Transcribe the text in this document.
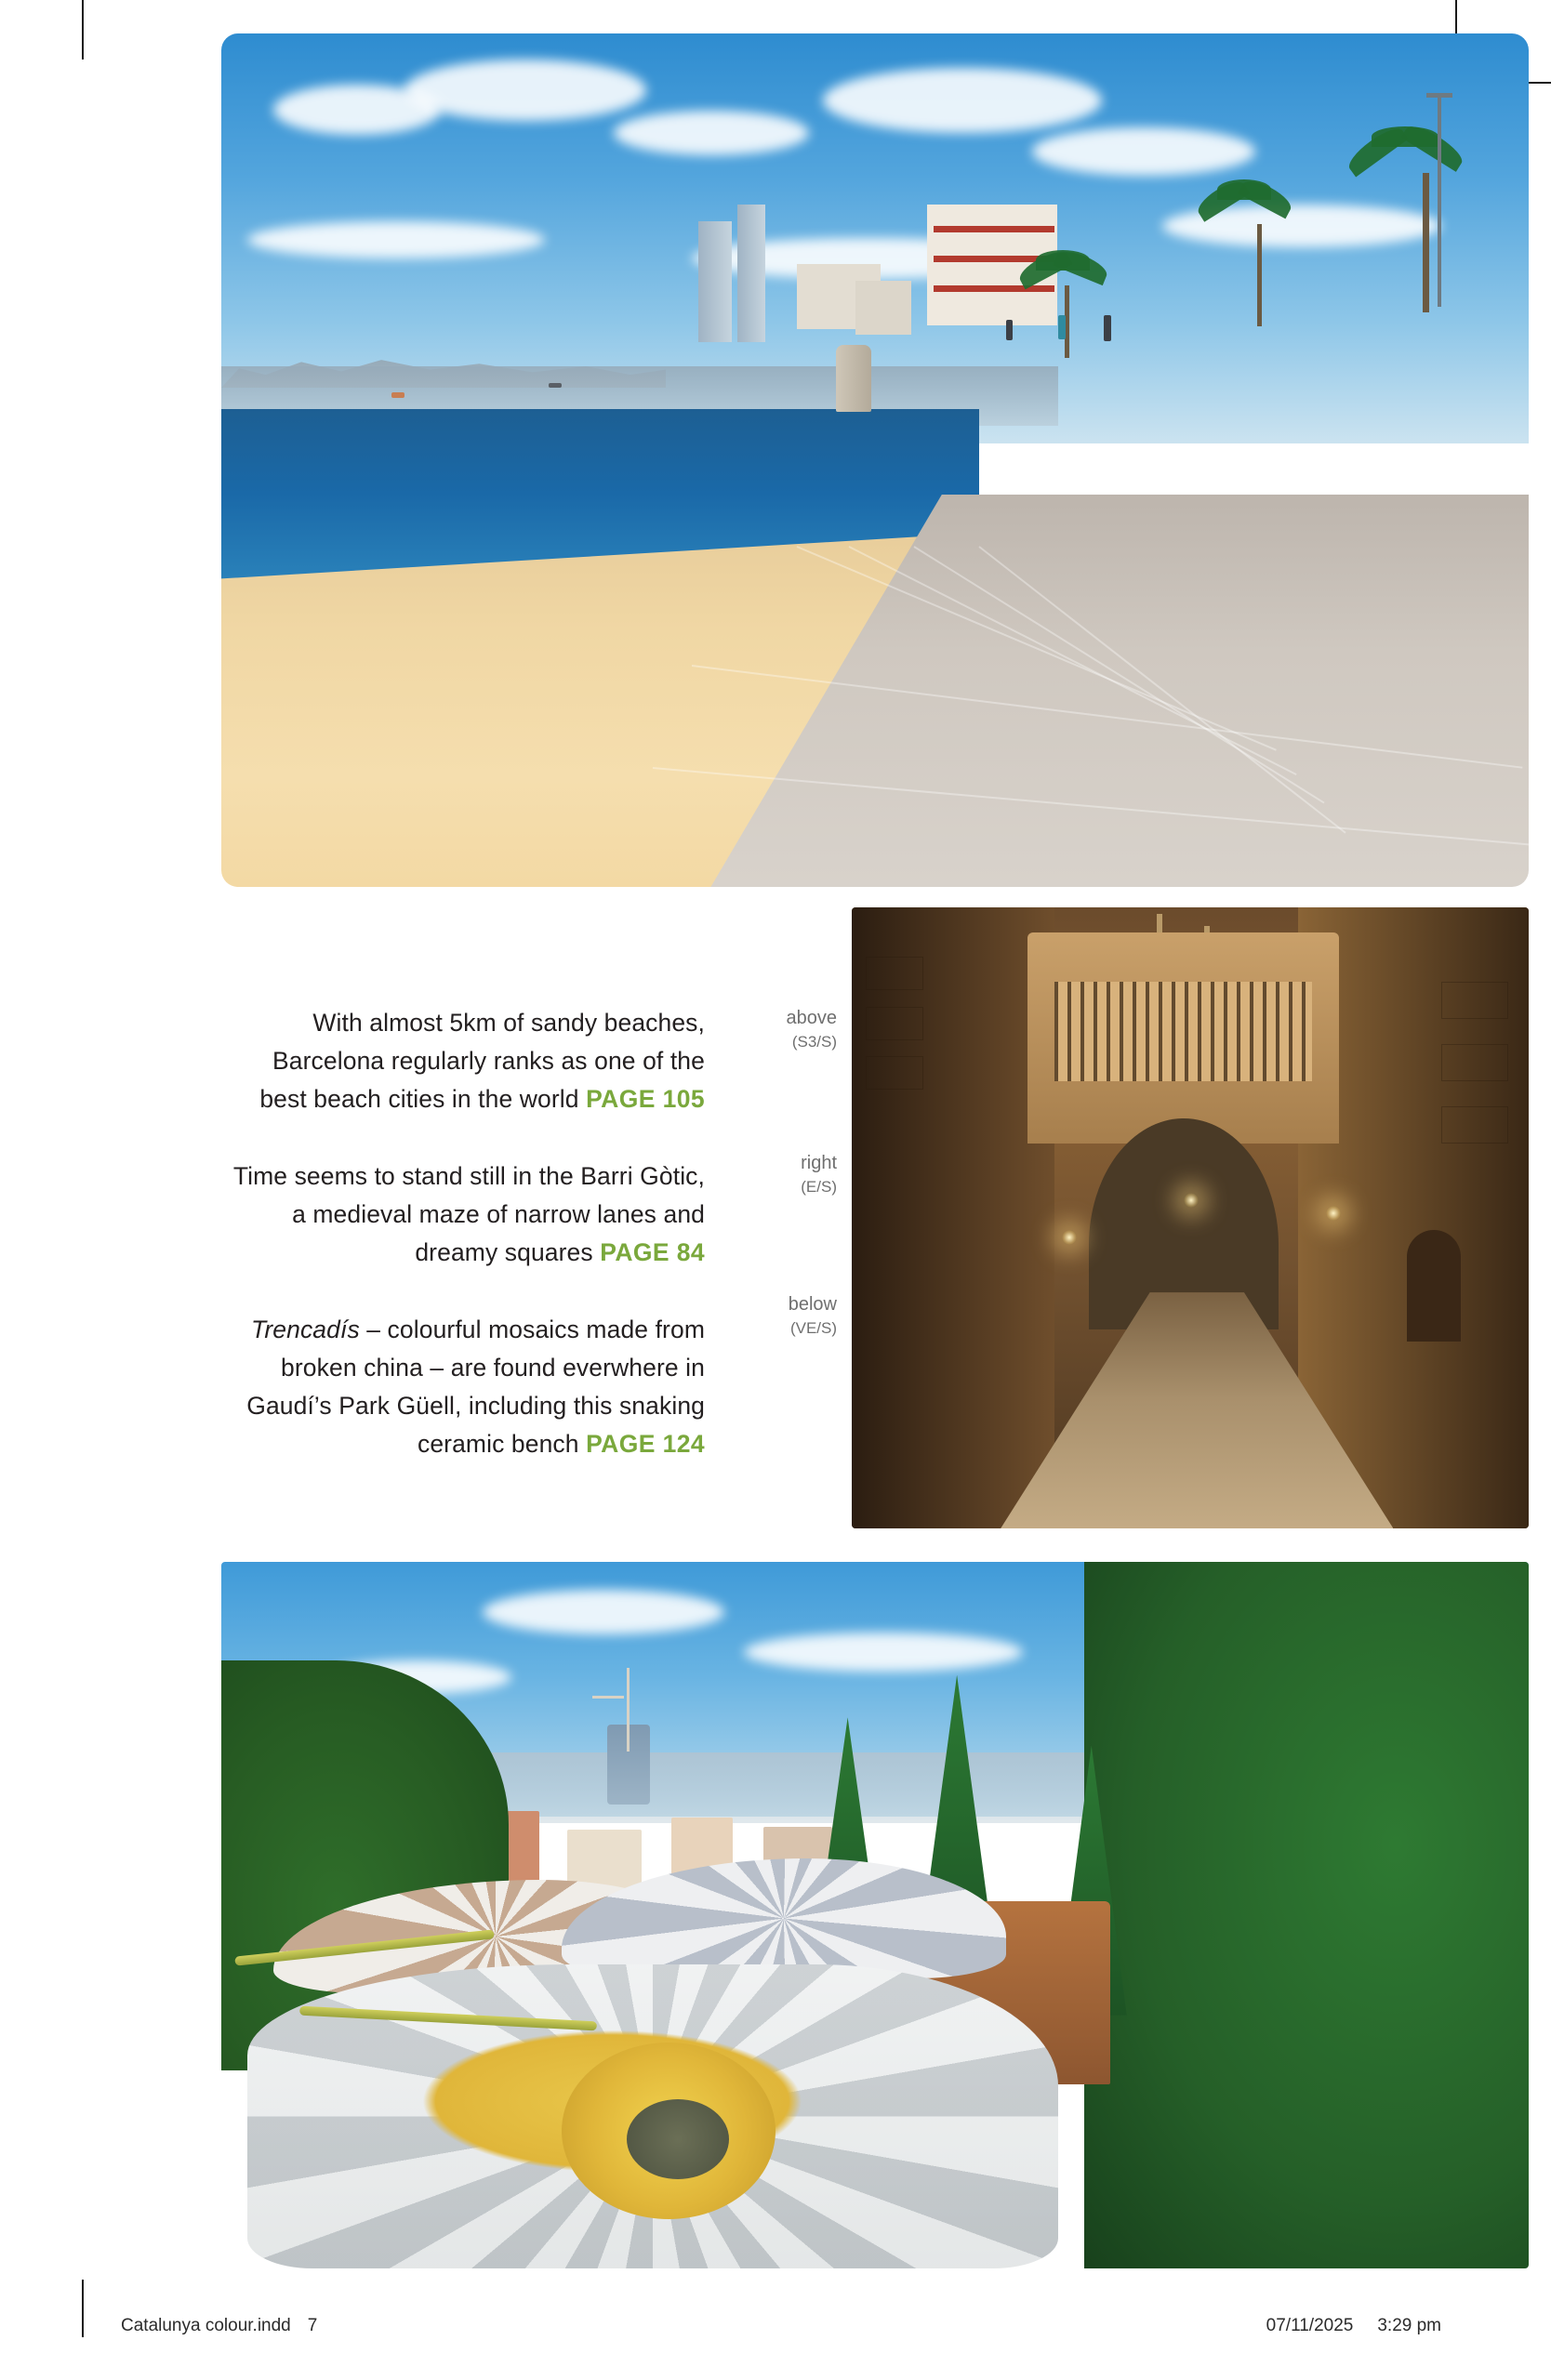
With almost 5km of sandy beaches, Barcelona regularly ranks as one of the best beach cities in the world PAGE 105

Time seems to stand still in the Barri Gòtic, a medieval maze of narrow lanes and dreamy squares PAGE 84

Trencadís – colourful mosaics made from broken china – are found everwhere in Gaudí’s Park Güell, including this snaking ceramic bench PAGE 124

above
(S3/S)
right
(E/S)
below
(VE/S)
Catalunya colour.indd 7	07/11/2025 3:29 pm
